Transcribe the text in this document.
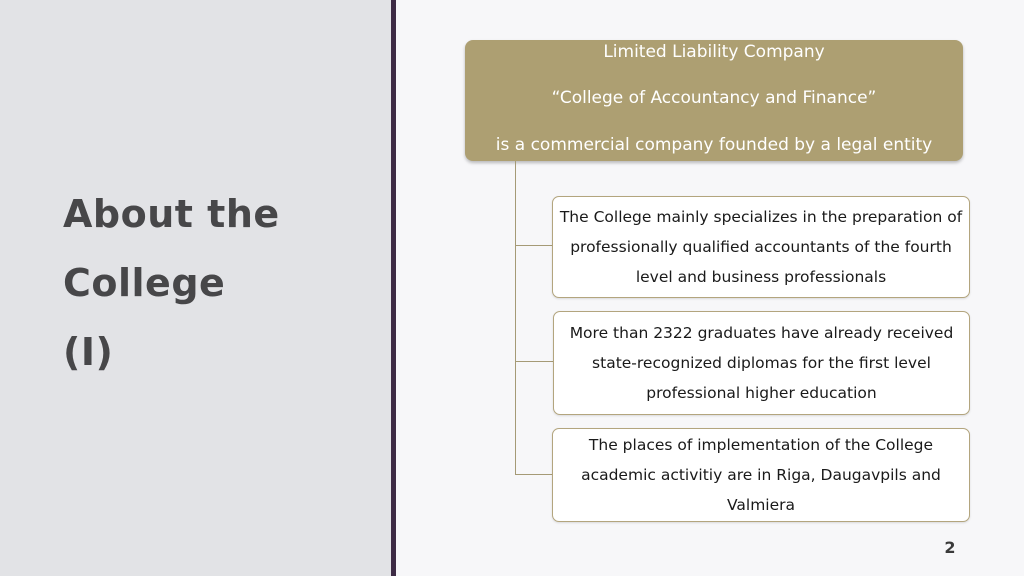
About the
College
(I)
Limited Liability Company
“College of Accountancy and Finance”
is a commercial company founded by a legal entity
The College mainly specializes in the preparation of professionally qualified accountants of the fourth level and business professionals
More than 2322 graduates have already received state-recognized diplomas for the first level professional higher education
The places of implementation of the College academic activitiy are in Riga, Daugavpils and Valmiera
2
